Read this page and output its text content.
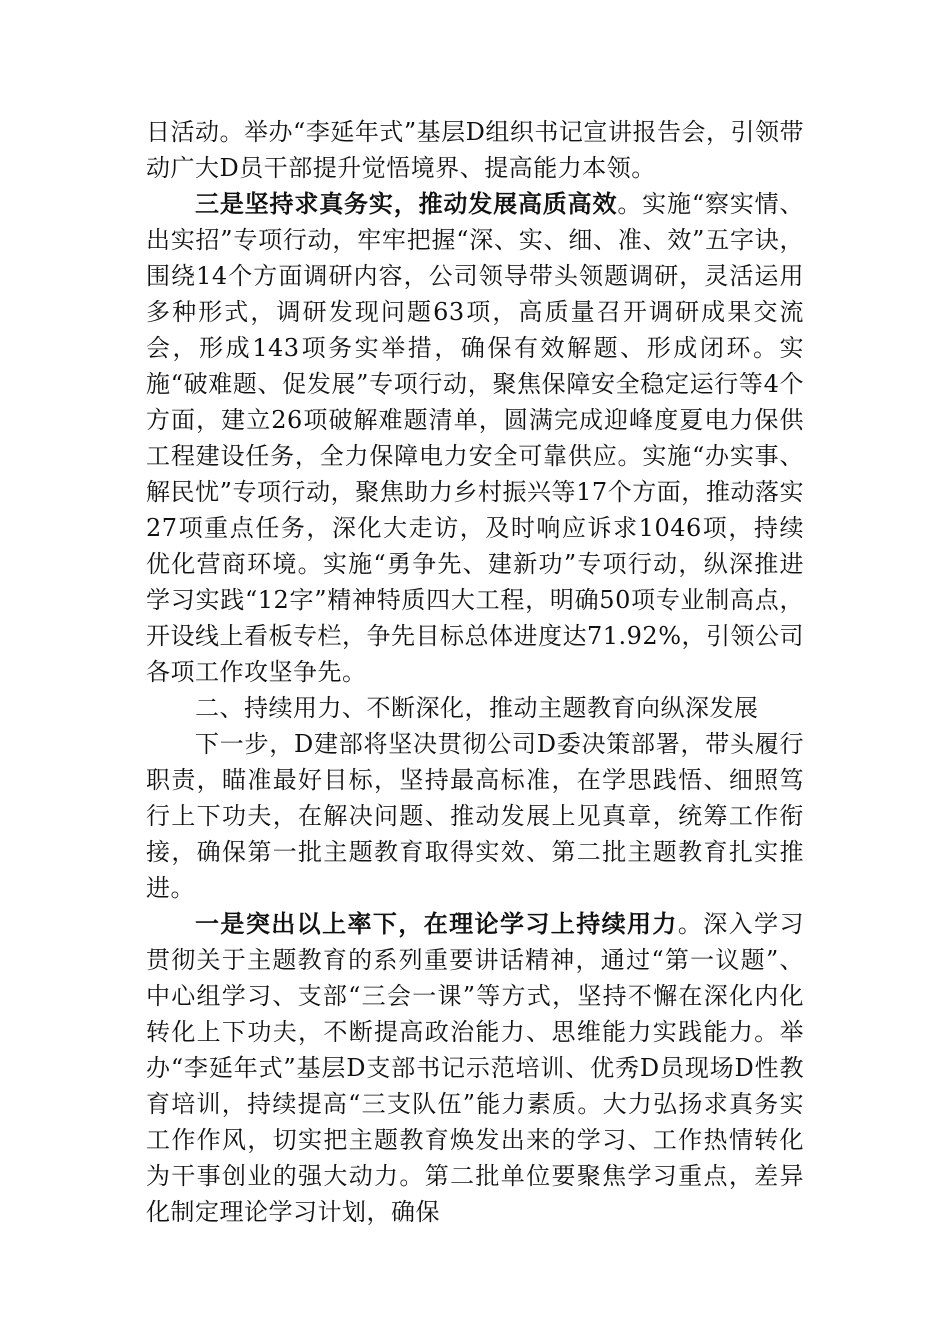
日活动。举办“李延年式”基层D组织书记宣讲报告会，引领带动广大D员干部提升觉悟境界、提高能力本领。

三是坚持求真务实，推动发展高质高效。实施“察实情、出实招”专项行动，牢牢把握“深、实、细、准、效”五字诀，围绕14个方面调研内容，公司领导带头领题调研，灵活运用多种形式，调研发现问题63项，高质量召开调研成果交流会，形成143项务实举措，确保有效解题、形成闭环。实施“破难题、促发展”专项行动，聚焦保障安全稳定运行等4个方面，建立26项破解难题清单，圆满完成迎峰度夏电力保供工程建设任务，全力保障电力安全可靠供应。实施“办实事、解民忧”专项行动，聚焦助力乡村振兴等17个方面，推动落实27项重点任务，深化大走访，及时响应诉求1046项，持续优化营商环境。实施“勇争先、建新功”专项行动，纵深推进学习实践“12字”精神特质四大工程，明确50项专业制高点，开设线上看板专栏，争先目标总体进度达71.92%，引领公司各项工作攻坚争先。

二、持续用力、不断深化，推动主题教育向纵深发展

下一步，D建部将坚决贯彻公司D委决策部署，带头履行职责，瞄准最好目标，坚持最高标准，在学思践悟、细照笃行上下功夫，在解决问题、推动发展上见真章，统筹工作衔接，确保第一批主题教育取得实效、第二批主题教育扎实推进。

一是突出以上率下，在理论学习上持续用力。深入学习贯彻关于主题教育的系列重要讲话精神，通过“第一议题”、中心组学习、支部“三会一课”等方式，坚持不懈在深化内化转化上下功夫，不断提高政治能力、思维能力实践能力。举办“李延年式”基层D支部书记示范培训、优秀D员现场D性教育培训，持续提高“三支队伍”能力素质。大力弘扬求真务实工作作风，切实把主题教育焕发出来的学习、工作热情转化为干事创业的强大动力。第二批单位要聚焦学习重点，差异化制定理论学习计划，确保
